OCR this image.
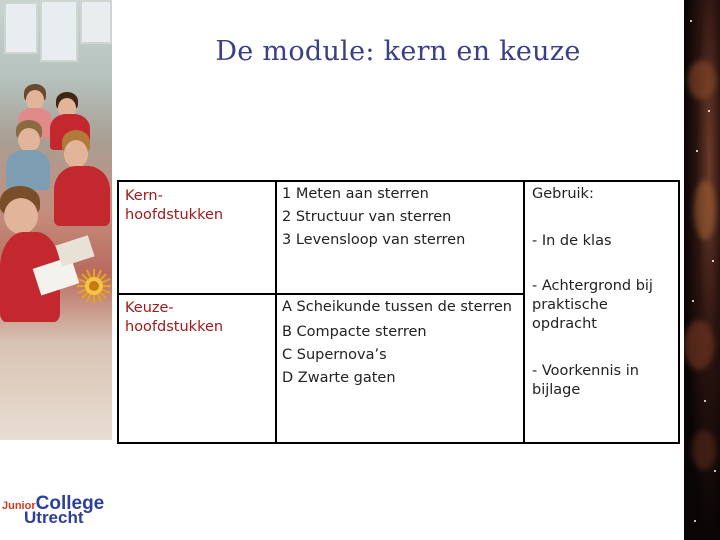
De module: kern en keuze
Kern-
hoofdstukken
1 Meten aan sterren
2 Structuur van sterren
3 Levensloop van sterren
Keuze-
hoofdstukken
A Scheikunde tussen de sterren
B Compacte sterren
C Supernova’s
D Zwarte gaten
Gebruik:
- In de klas
- Achtergrond bij praktische opdracht
- Voorkennis in bijlage
JuniorCollege
Utrecht
